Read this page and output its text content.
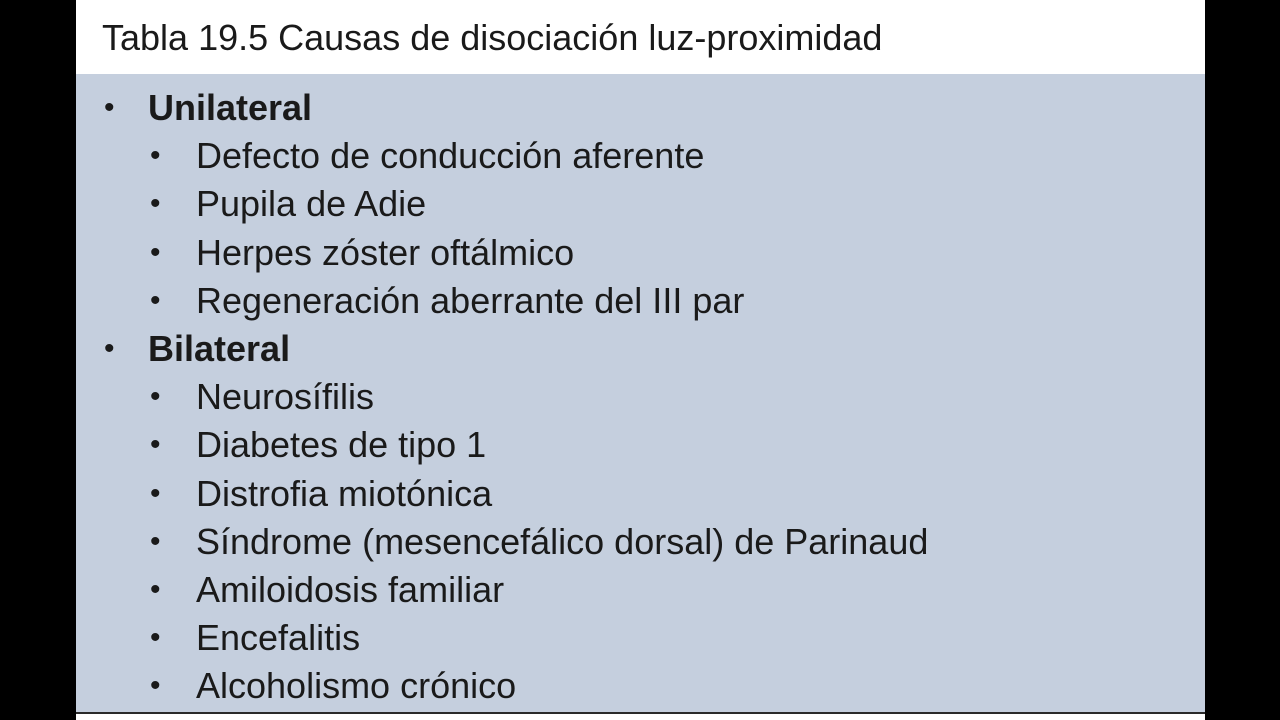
Tabla 19.5 Causas de disociación luz-proximidad
• Unilateral
• Defecto de conducción aferente
• Pupila de Adie
• Herpes zóster oftálmico
• Regeneración aberrante del III par
• Bilateral
• Neurosífilis
• Diabetes de tipo 1
• Distrofia miotónica
• Síndrome (mesencefálico dorsal) de Parinaud
• Amiloidosis familiar
• Encefalitis
• Alcoholismo crónico
